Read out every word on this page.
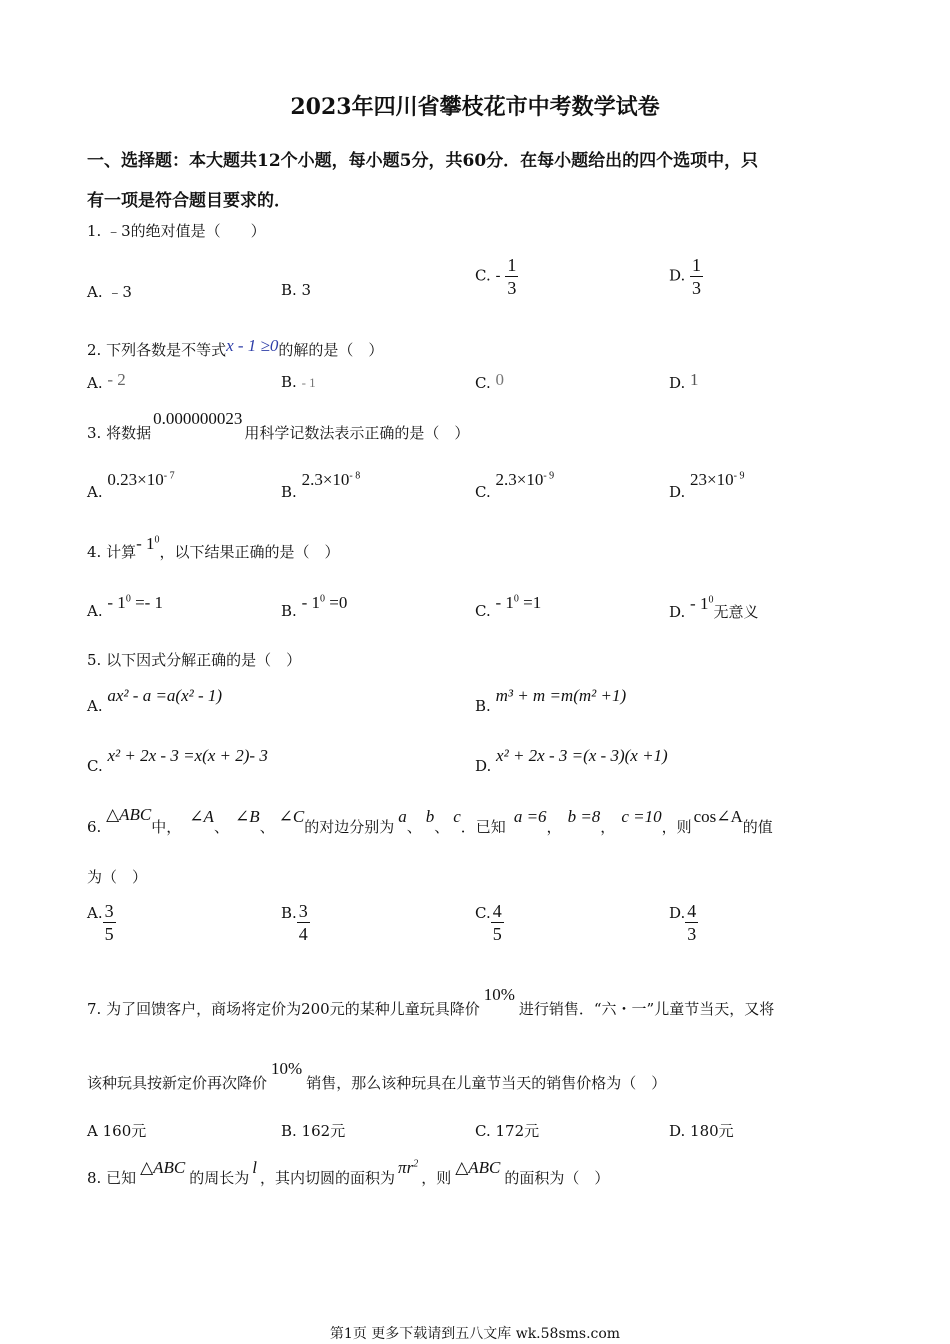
2023年四川省攀枝花市中考数学试卷
一、选择题：本大题共12个小题，每小题5分，共60分．在每小题给出的四个选项中，只
有一项是符合题目要求的．
1. ﹣3的绝对值是（　　）
A. ﹣3	B. 3
C. - $\frac{1}{3}$	D. $\frac{1}{3}$
2. 下列各数是不等式x - 1 ≥0的解的是（　）
A. - 2	B. - 1	C. 0	D. 1
3. 将数据0.000000023用科学记数法表示正确的是（　）
A. $0.23\times 10^{- 7}$
B. $2.3\times 10^{- 8}$
C. $2.3\times 10^{- 9}$
D. $23\times 10^{- 9}$
4. 计算- $1^0$，以下结果正确的是（　）
A. - $1^0 =- 1$	B. - $1^0 =0$	C. - $1^0 =1$	D. - $1^0$无意义
5. 以下因式分解正确的是（　）
A. ax² - a =a(x² - 1)
B. m³ + m =m(m² +1)
C. x² + 2x - 3 =x(x + 2)- 3
D. x² + 2x - 3 =(x - 3)(x +1)
6. △ABC中，∠A、∠B、∠C的对边分别为a、b、c．已知a =6，b =8，c =10，则cos∠A的值
为（　）
A. $\frac{3}{5}$	B. $\frac{3}{4}$	C. $\frac{4}{5}$	D. $\frac{4}{3}$
7. 为了回馈客户，商场将定价为200元的某种儿童玩具降价10%进行销售．“六・一”儿童节当天，又将
该种玩具按新定价再次降价10%销售，那么该种玩具在儿童节当天的销售价格为（　）
A 160元	B. 162元	C. 172元	D. 180元
8. 已知△ABC的周长为l，其内切圆的面积为$\pi r^2$，则△ABC的面积为（　）
第1页 更多下载请到五八文库 wk.58sms.com
